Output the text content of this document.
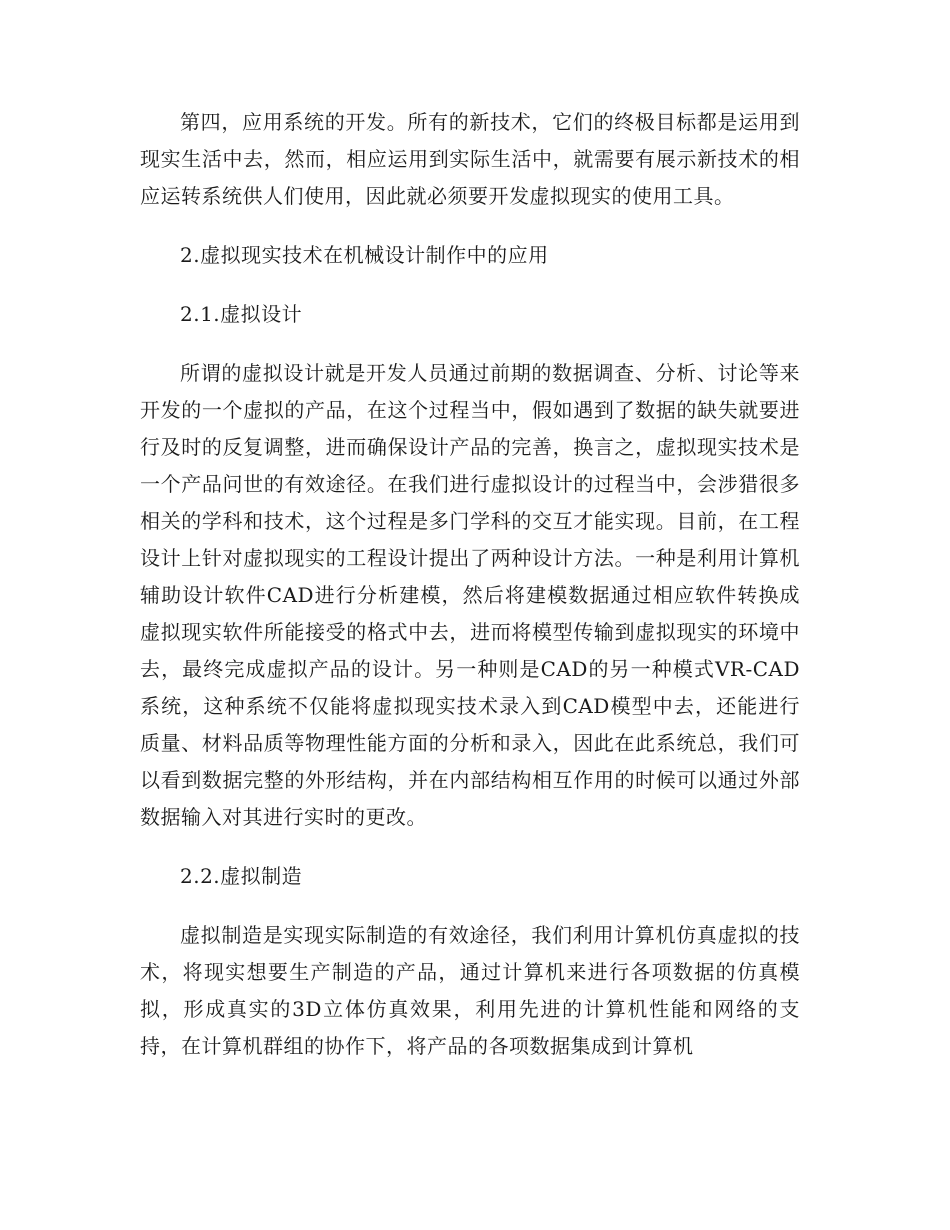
第四，应用系统的开发。所有的新技术，它们的终极目标都是运用到现实生活中去，然而，相应运用到实际生活中，就需要有展示新技术的相应运转系统供人们使用，因此就必须要开发虚拟现实的使用工具。

2.虚拟现实技术在机械设计制作中的应用

2.1.虚拟设计

所谓的虚拟设计就是开发人员通过前期的数据调查、分析、讨论等来开发的一个虚拟的产品，在这个过程当中，假如遇到了数据的缺失就要进行及时的反复调整，进而确保设计产品的完善，换言之，虚拟现实技术是一个产品问世的有效途径。在我们进行虚拟设计的过程当中，会涉猎很多相关的学科和技术，这个过程是多门学科的交互才能实现。目前，在工程设计上针对虚拟现实的工程设计提出了两种设计方法。一种是利用计算机辅助设计软件CAD进行分析建模，然后将建模数据通过相应软件转换成虚拟现实软件所能接受的格式中去，进而将模型传输到虚拟现实的环境中去，最终完成虚拟产品的设计。另一种则是CAD的另一种模式VR-CAD系统，这种系统不仅能将虚拟现实技术录入到CAD模型中去，还能进行质量、材料品质等物理性能方面的分析和录入，因此在此系统总，我们可以看到数据完整的外形结构，并在内部结构相互作用的时候可以通过外部数据输入对其进行实时的更改。

2.2.虚拟制造

虚拟制造是实现实际制造的有效途径，我们利用计算机仿真虚拟的技术，将现实想要生产制造的产品，通过计算机来进行各项数据的仿真模拟，形成真实的3D立体仿真效果，利用先进的计算机性能和网络的支持，在计算机群组的协作下，将产品的各项数据集成到计算机
